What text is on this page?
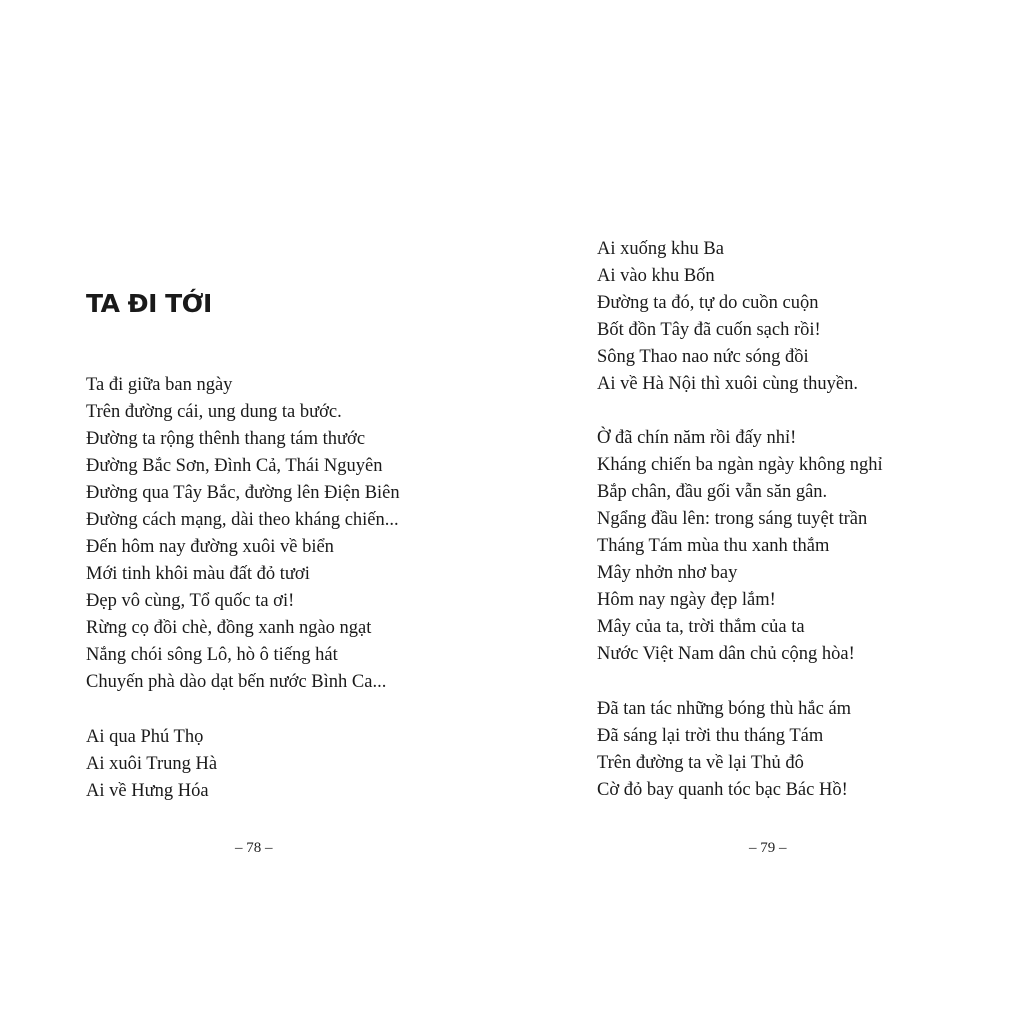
TA ĐI TỚI
Ta đi giữa ban ngày
Trên đường cái, ung dung ta bước.
Đường ta rộng thênh thang tám thước
Đường Bắc Sơn, Đình Cả, Thái Nguyên
Đường qua Tây Bắc, đường lên Điện Biên
Đường cách mạng, dài theo kháng chiến...
Đến hôm nay đường xuôi về biển
Mới tinh khôi màu đất đỏ tươi
Đẹp vô cùng, Tổ quốc ta ơi!
Rừng cọ đồi chè, đồng xanh ngào ngạt
Nắng chói sông Lô, hò ô tiếng hát
Chuyến phà dào dạt bến nước Bình Ca...
Ai qua Phú Thọ
Ai xuôi Trung Hà
Ai về Hưng Hóa
– 78 –
Ai xuống khu Ba
Ai vào khu Bốn
Đường ta đó, tự do cuồn cuộn
Bốt đồn Tây đã cuốn sạch rồi!
Sông Thao nao nức sóng đồi
Ai về Hà Nội thì xuôi cùng thuyền.
Ờ đã chín năm rồi đấy nhỉ!
Kháng chiến ba ngàn ngày không nghỉ
Bắp chân, đầu gối vẫn săn gân.
Ngẩng đầu lên: trong sáng tuyệt trần
Tháng Tám mùa thu xanh thắm
Mây nhởn nhơ bay
Hôm nay ngày đẹp lắm!
Mây của ta, trời thắm của ta
Nước Việt Nam dân chủ cộng hòa!
Đã tan tác những bóng thù hắc ám
Đã sáng lại trời thu tháng Tám
Trên đường ta về lại Thủ đô
Cờ đỏ bay quanh tóc bạc Bác Hồ!
– 79 –
